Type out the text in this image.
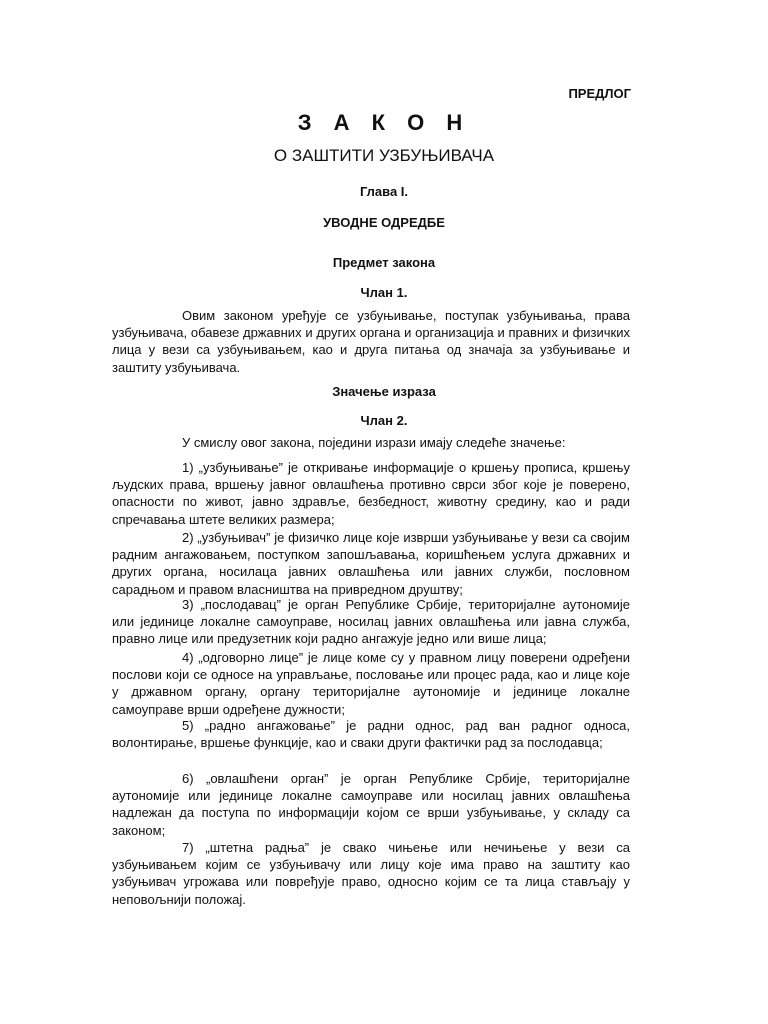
ПРЕДЛОГ
З А К О Н
О ЗАШТИТИ УЗБУЊИВАЧА
Глава I.
УВОДНЕ ОДРЕДБЕ
Предмет закона
Члан 1.

Овим законом уређује се узбуњивање, поступак узбуњивања, права узбуњивача, обавезе државних и других органа и организација и правних и физичких лица у вези са узбуњивањем, као и друга питања од значаја за узбуњивање и заштиту узбуњивача.

Значење израза
Члан 2.

У смислу овог закона, поједини изрази имају следеће значење:

1) „узбуњивање” је откривање информације о кршењу прописа, кршењу људских права, вршењу јавног овлашћења противно сврси због које је поверено, опасности по живот, јавно здравље, безбедност, животну средину, као и ради спречавања штете великих размера;

2) „узбуњивач” је физичко лице које изврши узбуњивање у вези са својим радним ангажовањем, поступком запошљавања, коришћењем услуга државних и других органа, носилаца јавних овлашћења или јавних служби, пословном сарадњом и правом власништва на привредном друштву;

3) „послодавац” је орган Републике Србије, територијалне аутономије или јединице локалне самоуправе, носилац јавних овлашћења или јавна служба, правно лице или предузетник који радно ангажује једно или више лица;

4) „одговорно лице” је лице коме су у правном лицу поверени одређени послови који се односе на управљање, пословање или процес рада, као и лице које у државном органу, органу територијалне аутономије и јединице локалне самоуправе врши одређене дужности;

5) „радно ангажовање” је радни однос, рад ван радног односа, волонтирање, вршење функције, као и сваки други фактички рад за послодавца;

6) „овлашћени орган” је орган Републике Србије, територијалне аутономије или јединице локалне самоуправе или носилац јавних овлашћења надлежан да поступа по информацији којом се врши узбуњивање, у складу са законом;

7) „штетна радња” је свако чињење или нечињење у вези са узбуњивањем којим се узбуњивачу или лицу које има право на заштиту као узбуњивач угрожава или повређује право, односно којим се та лица стављају у неповољнији положај.
